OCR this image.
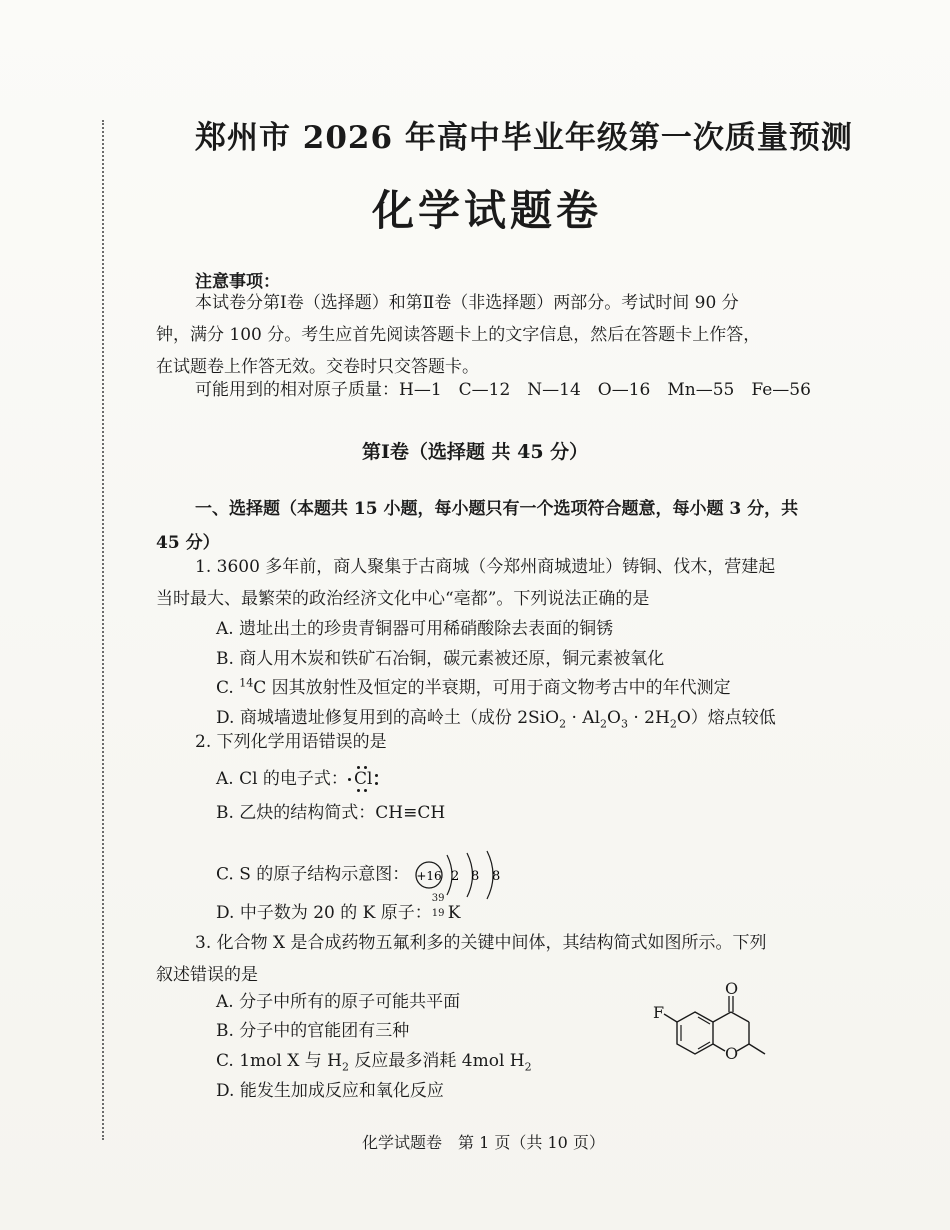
郑州市 2026 年高中毕业年级第一次质量预测
化学试题卷
注意事项：
本试卷分第Ⅰ卷（选择题）和第Ⅱ卷（非选择题）两部分。考试时间 90 分
钟，满分 100 分。考生应首先阅读答题卡上的文字信息，然后在答题卡上作答，
在试题卷上作答无效。交卷时只交答题卡。
可能用到的相对原子质量：H—1　C—12　N—14　O—16　Mn—55　Fe—56
第Ⅰ卷（选择题 共 45 分）
一、选择题（本题共 15 小题，每小题只有一个选项符合题意，每小题 3 分，共
45 分）
1. 3600 多年前，商人聚集于古商城（今郑州商城遗址）铸铜、伐木，营建起
当时最大、最繁荣的政治经济文化中心“亳都”。下列说法正确的是
A. 遗址出土的珍贵青铜器可用稀硝酸除去表面的铜锈
B. 商人用木炭和铁矿石冶铜，碳元素被还原，铜元素被氧化
C. $^{14}$C 因其放射性及恒定的半衰期，可用于商文物考古中的年代测定
D. 商城墙遗址修复用到的高岭土（成份 $2SiO_2 \cdot Al_2O_3 \cdot 2H_2O$）熔点较低
2. 下列化学用语错误的是
A. Cl 的电子式： Cl
B. 乙炔的结构简式：CH≡CH
C. S 的原子结构示意图： +16 2 8 8
D. 中子数为 20 的 K 原子：
39
19 K
3. 化合物 X 是合成药物五氟利多的关键中间体，其结构简式如图所示。下列
叙述错误的是
A. 分子中所有的原子可能共平面
B. 分子中的官能团有三种
C. 1mol X 与 $H_2$ 反应最多消耗 4mol $H_2$
D. 能发生加成反应和氧化反应
F
O
O
化学试题卷　第 1 页（共 10 页）
